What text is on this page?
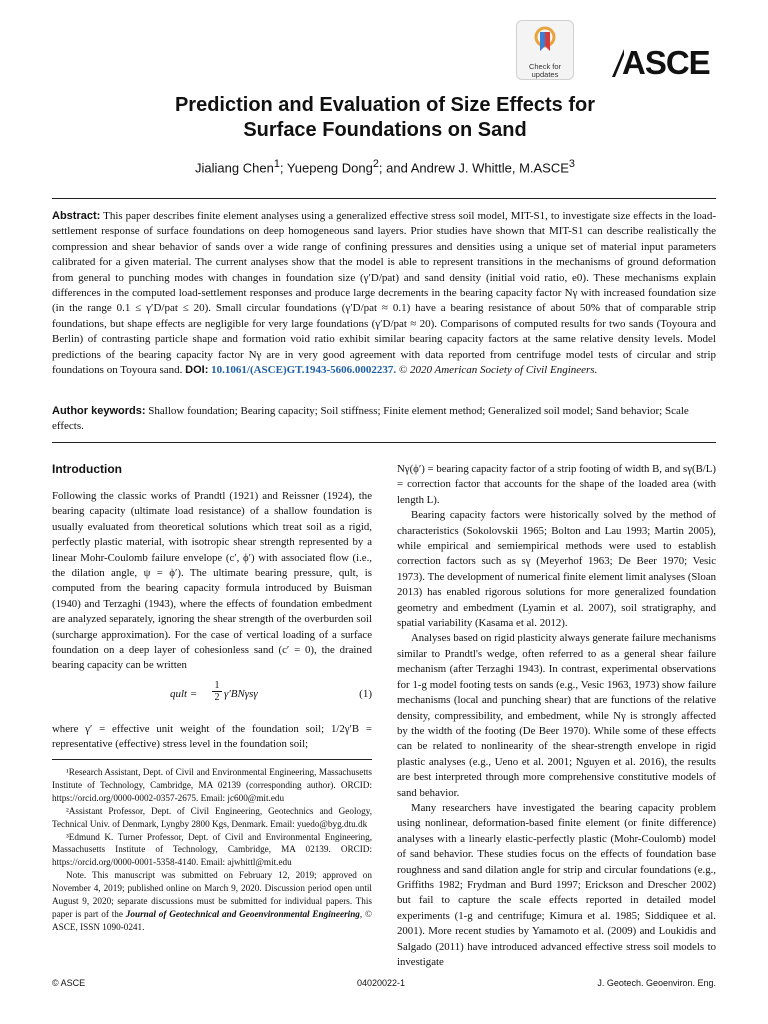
Check for
updates	ASCE
Prediction and Evaluation of Size Effects for
Surface Foundations on Sand
Jialiang Chen$^1$; Yuepeng Dong$^2$; and Andrew J. Whittle, M.ASCE$^3$
Abstract: This paper describes finite element analyses using a generalized effective stress soil model, MIT-S1, to investigate size effects in the load-settlement response of surface foundations on deep homogeneous sand layers. Prior studies have shown that MIT-S1 can describe realistically the compression and shear behavior of sands over a wide range of confining pressures and densities using a unique set of material input parameters calibrated for a given material. The current analyses show that the model is able to represent transitions in the mechanisms of ground deformation from general to punching modes with changes in foundation size (γ′D/pat) and sand density (initial void ratio, e0). These mechanisms explain differences in the computed load-settlement responses and produce large decrements in the bearing capacity factor Nγ with increased foundation size (in the range 0.1 ≤ γ′D/pat ≤ 20). Small circular foundations (γ′D/pat ≈ 0.1) have a bearing resistance of about 50% that of comparable strip foundations, but shape effects are negligible for very large foundations (γ′D/pat ≈ 20). Comparisons of computed results for two sands (Toyoura and Berlin) of contrasting particle shape and formation void ratio exhibit similar bearing capacity factors at the same relative density levels. Model predictions of the bearing capacity factor Nγ are in very good agreement with data reported from centrifuge model tests of circular and strip foundations on Toyoura sand. DOI: 10.1061/(ASCE)GT.1943-5606.0002237. © 2020 American Society of Civil Engineers.
Author keywords: Shallow foundation; Bearing capacity; Soil stiffness; Finite element method; Generalized soil model; Sand behavior; Scale effects.
Introduction
Following the classic works of Prandtl (1921) and Reissner (1924), the bearing capacity (ultimate load resistance) of a shallow foundation is usually evaluated from theoretical solutions which treat soil as a rigid, perfectly plastic material, with isotropic shear strength represented by a linear Mohr-Coulomb failure envelope (c′, ϕ′) with associated flow (i.e., the dilation angle, ψ = ϕ′). The ultimate bearing pressure, qult, is computed from the bearing capacity formula introduced by Buisman (1940) and Terzaghi (1943), where the effects of foundation embedment are analyzed separately, ignoring the shear strength of the overburden soil (surcharge approximation). For the case of vertical loading of a surface foundation on a deep layer of cohesionless sand (c′ = 0), the drained bearing capacity can be written
qult = $\frac{1}{2} \gamma'BN\gamma s\gamma$	(1)
where γ′ = effective unit weight of the foundation soil; 1/2γ′B = representative (effective) stress level in the foundation soil;

¹Research Assistant, Dept. of Civil and Environmental Engineering, Massachusetts Institute of Technology, Cambridge, MA 02139 (corresponding author). ORCID: https://orcid.org/0000-0002-0357-2675. Email: jc600@mit.edu

²Assistant Professor, Dept. of Civil Engineering, Geotechnics and Geology, Technical Univ. of Denmark, Lyngby 2800 Kgs, Denmark. Email: yuedo@byg.dtu.dk

³Edmund K. Turner Professor, Dept. of Civil and Environmental Engineering, Massachusetts Institute of Technology, Cambridge, MA 02139. ORCID: https://orcid.org/0000-0001-5358-4140. Email: ajwhittl@mit.edu

Note. This manuscript was submitted on February 12, 2019; approved on November 4, 2019; published online on March 9, 2020. Discussion period open until August 9, 2020; separate discussions must be submitted for individual papers. This paper is part of the Journal of Geotechnical and Geoenvironmental Engineering, © ASCE, ISSN 1090-0241.

Nγ(ϕ′) = bearing capacity factor of a strip footing of width B, and sγ(B/L) = correction factor that accounts for the shape of the loaded area (with length L).

Bearing capacity factors were historically solved by the method of characteristics (Sokolovskii 1965; Bolton and Lau 1993; Martin 2005), while empirical and semiempirical methods were used to establish correction factors such as sγ (Meyerhof 1963; De Beer 1970; Vesic 1973). The development of numerical finite element limit analyses (Sloan 2013) has enabled rigorous solutions for more generalized foundation geometry and embedment (Lyamin et al. 2007), soil stratigraphy, and spatial variability (Kasama et al. 2012).

Analyses based on rigid plasticity always generate failure mechanisms similar to Prandtl's wedge, often referred to as a general shear failure mechanism (after Terzaghi 1943). In contrast, experimental observations for 1-g model footing tests on sands (e.g., Vesic 1963, 1973) show failure mechanisms (local and punching shear) that are functions of the relative density, compressibility, and embedment, while Nγ is strongly affected by the width of the footing (De Beer 1970). While some of these effects can be related to nonlinearity of the shear-strength envelope in rigid plastic analyses (e.g., Ueno et al. 2001; Nguyen et al. 2016), the results are best interpreted through more comprehensive constitutive models of sand behavior.

Many researchers have investigated the bearing capacity problem using nonlinear, deformation-based finite element (or finite difference) analyses with a linearly elastic-perfectly plastic (Mohr-Coulomb) model of sand behavior. These studies focus on the effects of foundation base roughness and sand dilation angle for strip and circular foundations (e.g., Griffiths 1982; Frydman and Burd 1997; Erickson and Drescher 2002) but fail to capture the scale effects reported in detailed model experiments (1-g and centrifuge; Kimura et al. 1985; Siddiquee et al. 2001). More recent studies by Yamamoto et al. (2009) and Loukidis and Salgado (2011) have introduced advanced effective stress soil models to investigate

© ASCE	04020022-1	J. Geotech. Geoenviron. Eng.
